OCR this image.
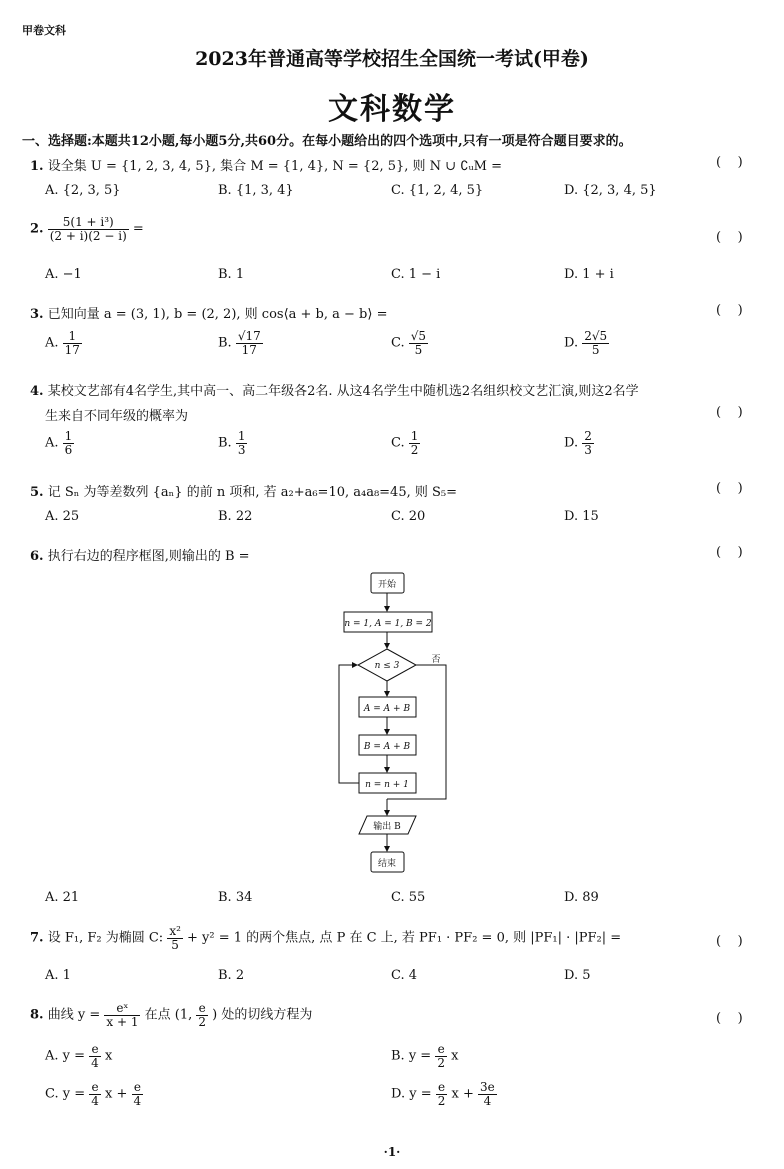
甲卷文科
2023年普通高等学校招生全国统一考试(甲卷)
文科数学
一、选择题:本题共12小题,每小题5分,共60分。在每小题给出的四个选项中,只有一项是符合题目要求的。
1. 设全集 U = {1, 2, 3, 4, 5}, 集合 M = {1, 4}, N = {2, 5}, 则 N ∪ ∁ᵤM =	(    )
A. {2, 3, 5}	B. {1, 3, 4}	C. {1, 2, 4, 5}	D. {2, 3, 4, 5}
2. $\frac{\text{5(1 + i³)}}{(2 + i)(2 - i)}$ =
(    )
A. −1	B. 1	C. 1 − i	D. 1 + i
3. 已知向量 a = (3, 1), b = (2, 2), 则 cos⟨a + b, a − b⟩ =	(    )
A. $\frac{1}{17}$	B. $\frac{√17}{17}$	C. $\frac{√5}{5}$	D. $\frac{2√5}{5}$
4. 某校文艺部有4名学生,其中高一、高二年级各2名. 从这4名学生中随机选2名组织校文艺汇演,则这2名学
生来自不同年级的概率为	(    )
A. $\frac{1}{6}$	B. $\frac{1}{3}$	C. $\frac{1}{2}$	D. $\frac{2}{3}$
5. 记 Sₙ 为等差数列 {aₙ} 的前 n 项和, 若 a₂+a₆=10, a₄a₈=45, 则 S₅=	(    )
A. 25	B. 22	C. 20	D. 15
6. 执行右边的程序框图,则输出的 B =	(    )
开始
n = 1, A = 1, B = 2
n ≤ 3
否
A = A + B
B = A + B
n = n + 1
输出 B
结束
A. 21	B. 34	C. 55	D. 89
7. 设 F₁, F₂ 为椭圆 C: $\frac{\text{x²}}{5} + y^2 = 1$ 的两个焦点, 点 P 在 C 上, 若 PF₁ · PF₂ = 0, 则 |PF₁| · |PF₂| =	(    )
A. 1	B. 2	C. 4	D. 5
8. 曲线 $y = \frac{\text{eˣ}}{x + 1}$ 在点 (1, $\frac{e}{2}$ ) 处的切线方程为	(    )
A. $y = \frac{e}{4}$ x	B. $y = \frac{e}{2}$ x
C. $y = \frac{e}{4}$ $x + \frac{e}{4}$	D. $y = \frac{e}{2}$ $x + \frac{3e}{4}$
·1·
